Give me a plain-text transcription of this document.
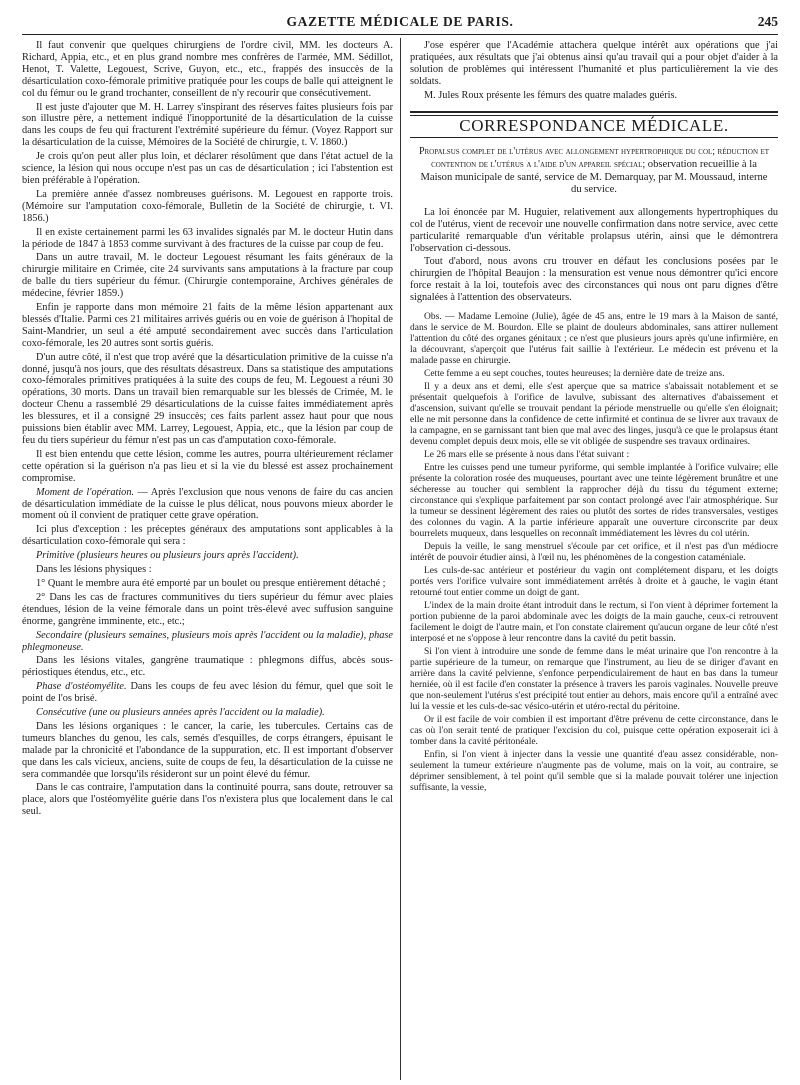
GAZETTE MÉDICALE DE PARIS.	245

Il faut convenir que quelques chirurgiens de l'ordre civil, MM. les docteurs A. Richard, Appia, etc., et en plus grand nombre mes confrères de l'armée, MM. Sédillot, Henot, T. Valette, Legouest, Scrive, Guyon, etc., etc., frappés des insuccès de la désarticulation coxo-fémorale primitive pratiquée pour les coups de balle qui atteignent le col du fémur ou le grand trochanter, conseillent de n'y recourir que consécutivement.

Il est juste d'ajouter que M. H. Larrey s'inspirant des réserves faites plusieurs fois par son illustre père, a nettement indiqué l'inopportunité de la désarticulation de la cuisse dans les coups de feu qui fracturent l'extrémité supérieure du fémur. (Voyez Rapport sur la désarticulation de la cuisse, Mémoires de la Société de chirurgie, t. V. 1860.)

Je crois qu'on peut aller plus loin, et déclarer résolûment que dans l'état actuel de la science, la lésion qui nous occupe n'est pas un cas de désarticulation ; ici l'abstention est bien préférable à l'opération.

La première année d'assez nombreuses guérisons. M. Legouest en rapporte trois. (Mémoire sur l'amputation coxo-fémorale, Bulletin de la Société de chirurgie, t. VI. 1856.)

Il en existe certainement parmi les 63 invalides signalés par M. le docteur Hutin dans la période de 1847 à 1853 comme survivant à des fractures de la cuisse par coup de feu.

Dans un autre travail, M. le docteur Legouest résumant les faits généraux de la chirurgie militaire en Crimée, cite 24 survivants sans amputations à la fracture par coup de balle du tiers supérieur du fémur. (Chirurgie contemporaine, Archives générales de médecine, février 1859.)

Enfin je rapporte dans mon mémoire 21 faits de la même lésion appartenant aux blessés d'Italie. Parmi ces 21 militaires arrivés guéris ou en voie de guérison à l'hopital de Saint-Mandrier, un seul a été amputé secondairement avec succès dans l'articulation coxo-fémorale, les 20 autres sont sortis guéris.

D'un autre côté, il n'est que trop avéré que la désarticulation primitive de la cuisse n'a donné, jusqu'à nos jours, que des résultats désastreux. Dans sa statistique des amputations coxo-fémorales primitives pratiquées à la suite des coups de feu, M. Legouest a réuni 30 opérations, 30 morts. Dans un travail bien remarquable sur les blessés de Crimée, M. le docteur Chenu a rassemblé 29 désarticulations de la cuisse faites immédiatement après les blessures, et il a consigné 29 insuccès; ces faits parlent assez haut pour que nous puissions bien établir avec MM. Larrey, Legouest, Appia, etc., que la lésion par coup de feu du tiers supérieur du fémur n'est pas un cas d'amputation coxo-fémorale.

Il est bien entendu que cette lésion, comme les autres, pourra ultérieurement réclamer cette opération si la guérison n'a pas lieu et si la vie du blessé est assez prochainement compromise.

Moment de l'opération. — Après l'exclusion que nous venons de faire du cas ancien de désarticulation immédiate de la cuisse le plus délicat, nous pouvons mieux aborder le moment où il convient de pratiquer cette grave opération.

Ici plus d'exception : les préceptes généraux des amputations sont applicables à la désarticulation coxo-fémorale qui sera :

Primitive (plusieurs heures ou plusieurs jours après l'accident).

Dans les lésions physiques :

1° Quant le membre aura été emporté par un boulet ou presque entièrement détaché ;

2° Dans les cas de fractures communitives du tiers supérieur du fémur avec plaies étendues, lésion de la veine fémorale dans un point très-élevé avec suffusion sanguine énorme, gangrène imminente, etc., etc.;

Secondaire (plusieurs semaines, plusieurs mois après l'accident ou la maladie), phase phlegmoneuse.

Dans les lésions vitales, gangrène traumatique : phlegmons diffus, abcès sous-périostiques étendus, etc., etc.

Phase d'ostéomyélite. Dans les coups de feu avec lésion du fémur, quel que soit le point de l'os brisé.

Consécutive (une ou plusieurs années après l'accident ou la maladie).

Dans les lésions organiques : le cancer, la carie, les tubercules. Certains cas de tumeurs blanches du genou, les cals, semés d'esquilles, de corps étrangers, épuisant le malade par la chronicité et l'abondance de la suppuration, etc. Il est important d'observer que dans les cals vicieux, anciens, suite de coups de feu, la désarticulation de la cuisse ne sera commandée que lorsqu'ils résideront sur un point élevé du fémur.

Dans le cas contraire, l'amputation dans la continuité pourra, sans doute, retrouver sa place, alors que l'ostéomyélite guérie dans l'os n'existera plus que localement dans le cal seul.

J'ose espérer que l'Académie attachera quelque intérêt aux opérations que j'ai pratiquées, aux résultats que j'ai obtenus ainsi qu'au travail qui a pour objet d'aider à la solution de problèmes qui intéressent l'humanité et plus particulièrement la vie des soldats.

M. Jules Roux présente les fémurs des quatre malades guéris.

CORRESPONDANCE MÉDICALE.
Propalsus complet de l'utérus avec allongement hypertrophique du col; réduction et contention de l'utérus a l'aide d'un appareil spécial; observation recueillie à la Maison municipale de santé, service de M. Demarquay, par M. Moussaud, interne du service.

La loi énoncée par M. Huguier, relativement aux allongements hypertrophiques du col de l'utérus, vient de recevoir une nouvelle confirmation dans notre service, avec cette particularité remarquable d'un véritable prolapsus utérin, ainsi que le démontrera l'observation ci-dessous.

Tout d'abord, nous avons cru trouver en défaut les conclusions posées par le chirurgien de l'hôpital Beaujon : la mensuration est venue nous démontrer qu'ici encore force restait à la loi, toutefois avec des circonstances qui nous ont paru dignes d'être signalées à l'attention des observateurs.

Obs. — Madame Lemoine (Julie), âgée de 45 ans, entre le 19 mars à la Maison de santé, dans le service de M. Bourdon. Elle se plaint de douleurs abdominales, sans attirer nullement l'attention du côté des organes génitaux ; ce n'est que plusieurs jours après qu'une infirmière, en la découvrant, s'aperçoit que l'utérus fait saillie à l'extérieur. Le médecin est prévenu et la malade passe en chirurgie.

Cette femme a eu sept couches, toutes heureuses; la dernière date de treize ans.

Il y a deux ans et demi, elle s'est aperçue que sa matrice s'abaissait notablement et se présentait quelquefois à l'orifice de lavulve, subissant des alternatives d'abaissement et d'ascension, suivant qu'elle se trouvait pendant la période menstruelle ou qu'elle s'en éloignait; elle ne mit personne dans la confidence de cette infirmité et continua de se livrer aux travaux de la campagne, en se garnissant tant bien que mal avec des linges, jusqu'à ce que le prolapsus étant devenu complet depuis deux mois, elle se vit obligée de suspendre ses travaux ordinaires.

Le 26 mars elle se présente à nous dans l'état suivant :

Entre les cuisses pend une tumeur pyriforme, qui semble implantée à l'orifice vulvaire; elle présente la coloration rosée des muqueuses, pourtant avec une teinte légèrement brunâtre et une sécheresse au toucher qui semblent la rapprocher déjà du tissu du tégument externe; circonstance qui s'explique parfaitement par son contact prolongé avec l'air atmosphérique. Sur la tumeur se dessinent légèrement des raies ou plutôt des sortes de rides transversales, vestiges des colonnes du vagin. A la partie inférieure apparaît une ouverture circonscrite par deux bourrelets muqueux, dans lesquelles on reconnaît immédiatement les lèvres du col utérin.

Depuis la veille, le sang menstruel s'écoule par cet orifice, et il n'est pas d'un médiocre intérêt de pouvoir étudier ainsi, à l'œil nu, les phénomènes de la congestion cataméniale.

Les culs-de-sac antérieur et postérieur du vagin ont complétement disparu, et les doigts portés vers l'orifice vulvaire sont immédiatement arrêtés à droite et à gauche, le vagin étant retourné tout entier comme un doigt de gant.

L'index de la main droite étant introduit dans le rectum, si l'on vient à déprimer fortement la portion pubienne de la paroi abdominale avec les doigts de la main gauche, ceux-ci retrouvent facilement le doigt de l'autre main, et l'on constate clairement qu'aucun organe de leur côté n'est interposé et ne s'oppose à leur rencontre dans la cavité du petit bassin.

Si l'on vient à introduire une sonde de femme dans le méat urinaire que l'on rencontre à la partie supérieure de la tumeur, on remarque que l'instrument, au lieu de se diriger d'avant en arrière dans la cavité pelvienne, s'enfonce perpendiculairement de haut en bas dans la tumeur herniée, où il est facile d'en constater la présence à travers les parois vaginales. Nouvelle preuve que non-seulement l'utérus s'est précipité tout entier au dehors, mais encore qu'il a entraîné avec lui la vessie et les culs-de-sac vésico-utérin et utéro-rectal du péritoine.

Or il est facile de voir combien il est important d'être prévenu de cette circonstance, dans le cas où l'on serait tenté de pratiquer l'excision du col, puisque cette opération exposerait ici à tomber dans la cavité péritonéale.

Enfin, si l'on vient à injecter dans la vessie une quantité d'eau assez considérable, non-seulement la tumeur extérieure n'augmente pas de volume, mais on la voit, au contraire, se déprimer sensiblement, à tel point qu'il semble que si la malade pouvait tolérer une injection suffisante, la vessie,
